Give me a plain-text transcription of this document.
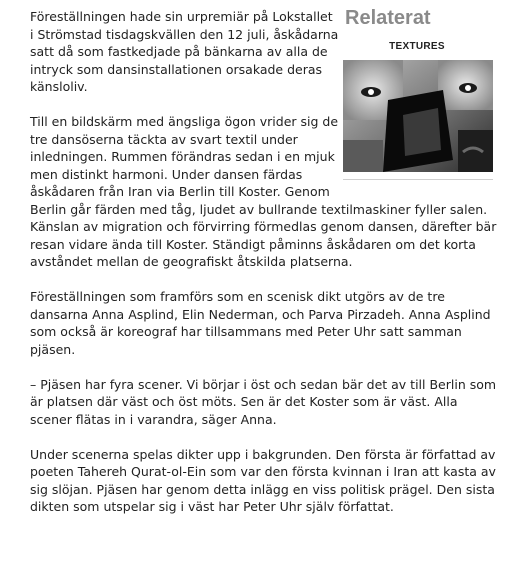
Relaterat
TEXTURES

Föreställningen hade sin urpremiär på Lokstallet i Strömstad tisdagskvällen den 12 juli, åskådarna satt då som fastkedjade på bänkarna av alla de intryck som dansinstallationen orsakade deras känsloliv.

Till en bildskärm med ängsliga ögon vrider sig de tre dansöserna täckta av svart textil under inledningen. Rummen förändras sedan i en mjuk men distinkt harmoni. Under dansen färdas åskådaren från Iran via Berlin till Koster. Genom Berlin går färden med tåg, ljudet av bullrande textilmaskiner fyller salen. Känslan av migration och förvirring förmedlas genom dansen, därefter bär resan vidare ända till Koster. Ständigt påminns åskådaren om det korta avståndet mellan de geografiskt åtskilda platserna.

Föreställningen som framförs som en scenisk dikt utgörs av de tre dansarna Anna Asplind, Elin Nederman, och Parva Pirzadeh. Anna Asplind som också är koreograf har tillsammans med Peter Uhr satt samman pjäsen.

– Pjäsen har fyra scener. Vi börjar i öst och sedan bär det av till Berlin som är platsen där väst och öst möts. Sen är det Koster som är väst. Alla scener flätas in i varandra, säger Anna.

Under scenerna spelas dikter upp i bakgrunden. Den första är författad av poeten Tahereh Qurat-ol-Ein som var den första kvinnan i Iran att kasta av sig slöjan. Pjäsen har genom detta inlägg en viss politisk prägel. Den sista dikten som utspelar sig i väst har Peter Uhr själv författat.
